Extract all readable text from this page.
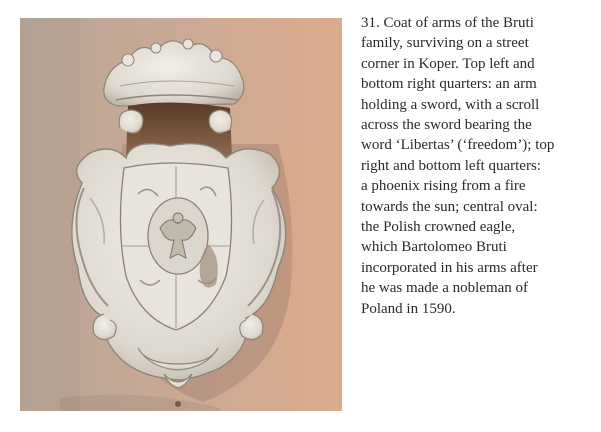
31. Coat of arms of the Bruti
family, surviving on a street
corner in Koper. Top left and
bottom right quarters: an arm
holding a sword, with a scroll
across the sword bearing the
word ‘Libertas’ (‘freedom’); top
right and bottom left quarters:
a phoenix rising from a fire
towards the sun; central oval:
the Polish crowned eagle,
which Bartolomeo Bruti
incorporated in his arms after
he was made a nobleman of
Poland in 1590.
